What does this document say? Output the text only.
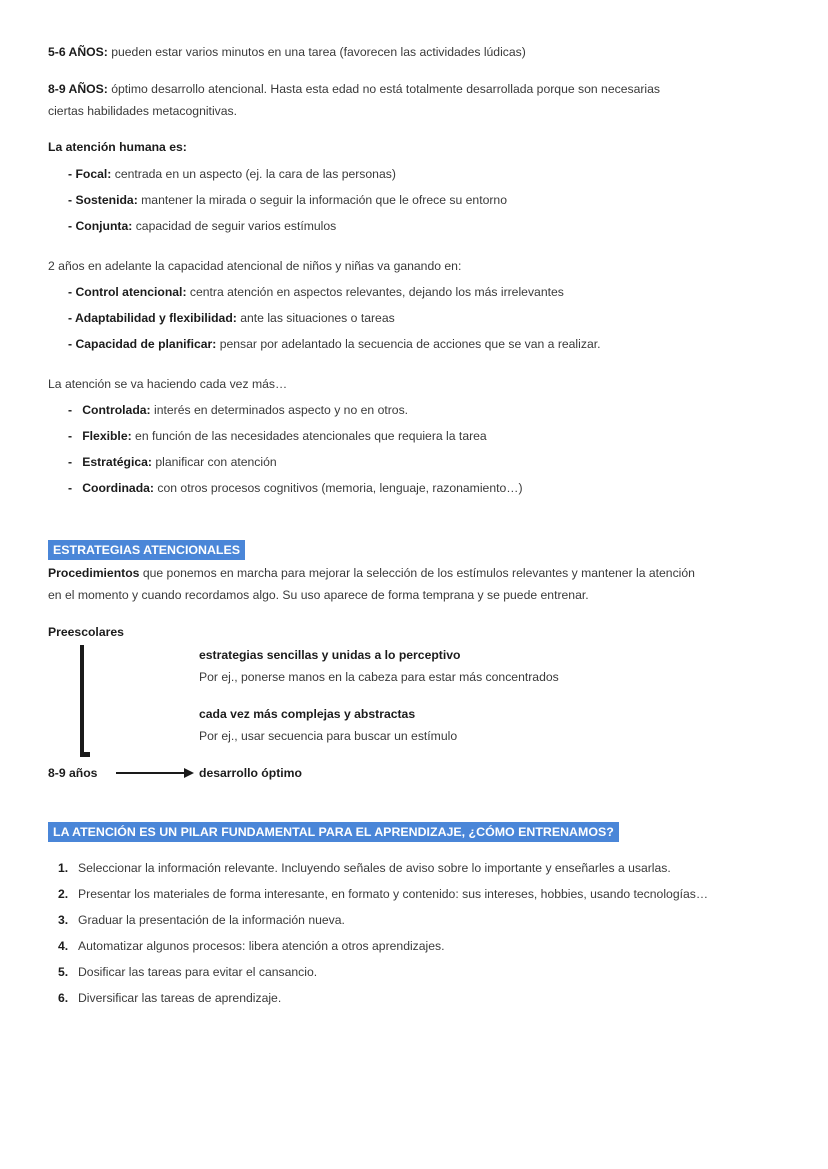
5-6 AÑOS: pueden estar varios minutos en una tarea (favorecen las actividades lúdicas)
8-9 AÑOS: óptimo desarrollo atencional. Hasta esta edad no está totalmente desarrollada porque son necesarias
ciertas habilidades metacognitivas.
La atención humana es:
- Focal: centrada en un aspecto (ej. la cara de las personas)
- Sostenida: mantener la mirada o seguir la información que le ofrece su entorno
- Conjunta: capacidad de seguir varios estímulos
2 años en adelante la capacidad atencional de niños y niñas va ganando en:
- Control atencional: centra atención en aspectos relevantes, dejando los más irrelevantes
- Adaptabilidad y flexibilidad: ante las situaciones o tareas
- Capacidad de planificar: pensar por adelantado la secuencia de acciones que se van a realizar.
La atención se va haciendo cada vez más…
-   Controlada: interés en determinados aspecto y no en otros.
-   Flexible: en función de las necesidades atencionales que requiera la tarea
-   Estratégica: planificar con atención
-   Coordinada: con otros procesos cognitivos (memoria, lenguaje, razonamiento…)
ESTRATEGIAS ATENCIONALES
Procedimientos que ponemos en marcha para mejorar la selección de los estímulos relevantes y mantener la atención
en el momento y cuando recordamos algo. Su uso aparece de forma temprana y se puede entrenar.
Preescolares
estrategias sencillas y unidas a lo perceptivo
Por ej., ponerse manos en la cabeza para estar más concentrados
cada vez más complejas y abstractas
Por ej., usar secuencia para buscar un estímulo
8-9 años	desarrollo óptimo
LA ATENCIÓN ES UN PILAR FUNDAMENTAL PARA EL APRENDIZAJE, ¿CÓMO ENTRENAMOS?
1. Seleccionar la información relevante. Incluyendo señales de aviso sobre lo importante y enseñarles a usarlas.
2. Presentar los materiales de forma interesante, en formato y contenido: sus intereses, hobbies, usando tecnologías…
3. Graduar la presentación de la información nueva.
4. Automatizar algunos procesos: libera atención a otros aprendizajes.
5. Dosificar las tareas para evitar el cansancio.
6. Diversificar las tareas de aprendizaje.
